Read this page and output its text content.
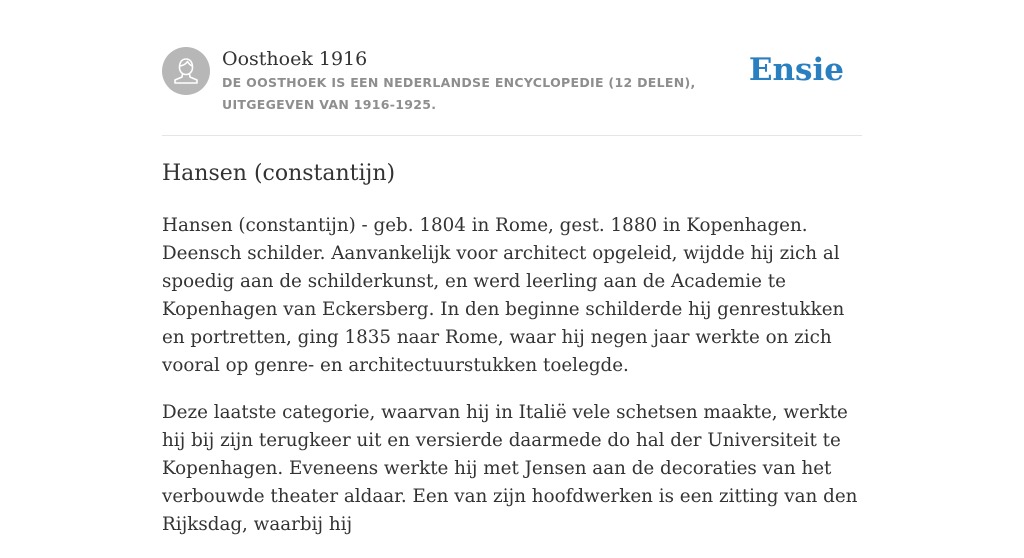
Oosthoek 1916
DE OOSTHOEK IS EEN NEDERLANDSE ENCYCLOPEDIE (12 DELEN), UITGEGEVEN VAN 1916-1925.
Ensie
Hansen (constantijn)

Hansen (constantijn) - geb. 1804 in Rome, gest. 1880 in Kopenhagen. Deensch schilder. Aanvankelijk voor architect opgeleid, wijdde hij zich al spoedig aan de schilderkunst, en werd leerling aan de Academie te Kopenhagen van Eckersberg. In den beginne schilderde hij genrestukken en portretten, ging 1835 naar Rome, waar hij negen jaar werkte on zich vooral op genre- en architectuurstukken toelegde.

Deze laatste categorie, waarvan hij in Italië vele schetsen maakte, werkte hij bij zijn terugkeer uit en versierde daarmede do hal der Universiteit te Kopenhagen. Eveneens werkte hij met Jensen aan de decoraties van het verbouwde theater aldaar. Een van zijn hoofdwerken is een zitting van den Rijksdag, waarbij hij
